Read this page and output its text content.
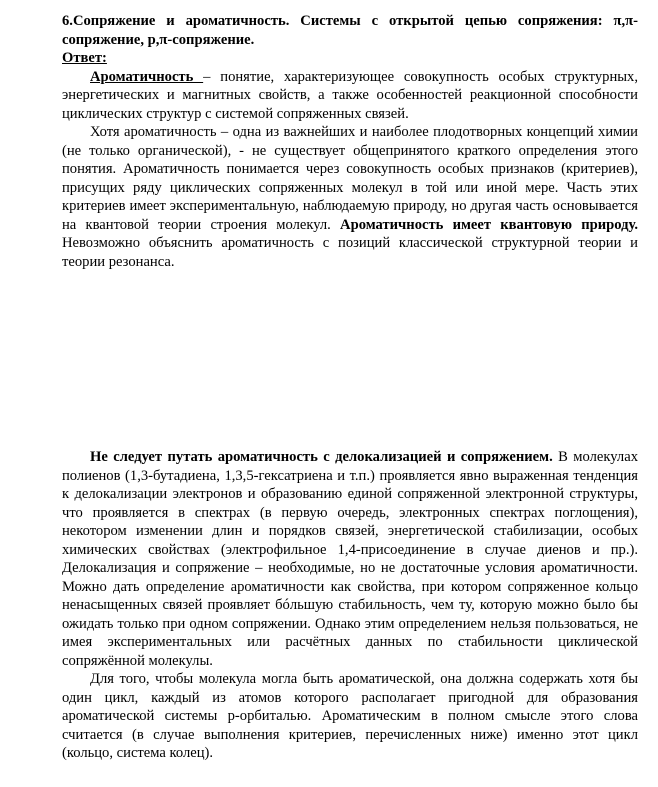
6.Сопряжение и ароматичность. Системы с открытой цепью сопряжения: π,π-сопряжение, p,π-сопряжение.

Ответ:

Ароматичность – понятие, характеризующее совокупность особых структурных, энергетических и магнитных свойств, а также особенностей реакционной способности циклических структур с системой сопряженных связей.

Хотя ароматичность – одна из важнейших и наиболее плодотворных концепций химии (не только органической), - не существует общепринятого краткого определения этого понятия. Ароматичность понимается через совокупность особых признаков (критериев), присущих ряду циклических сопряженных молекул в той или иной мере. Часть этих критериев имеет экспериментальную, наблюдаемую природу, но другая часть основывается на квантовой теории строения молекул. Ароматичность имеет квантовую природу. Невозможно объяснить ароматичность с позиций классической структурной теории и теории резонанса.

Не следует путать ароматичность с делокализацией и сопряжением. В молекулах полиенов (1,3-бутадиена, 1,3,5-гексатриена и т.п.) проявляется явно выраженная тенденция к делокализации электронов и образованию единой сопряженной электронной структуры, что проявляется в спектрах (в первую очередь, электронных спектрах поглощения), некотором изменении длин и порядков связей, энергетической стабилизации, особых химических свойствах (электрофильное 1,4-присоединение в случае диенов и пр.). Делокализация и сопряжение – необходимые, но не достаточные условия ароматичности. Можно дать определение ароматичности как свойства, при котором сопряженное кольцо ненасыщенных связей проявляет бóльшую стабильность, чем ту, которую можно было бы ожидать только при одном сопряжении. Однако этим определением нельзя пользоваться, не имея экспериментальных или расчётных данных по стабильности циклической сопряжённой молекулы.

Для того, чтобы молекула могла быть ароматической, она должна содержать хотя бы один цикл, каждый из атомов которого располагает пригодной для образования ароматической системы p-орбиталью. Ароматическим в полном смысле этого слова считается (в случае выполнения критериев, перечисленных ниже) именно этот цикл (кольцо, система колец).
